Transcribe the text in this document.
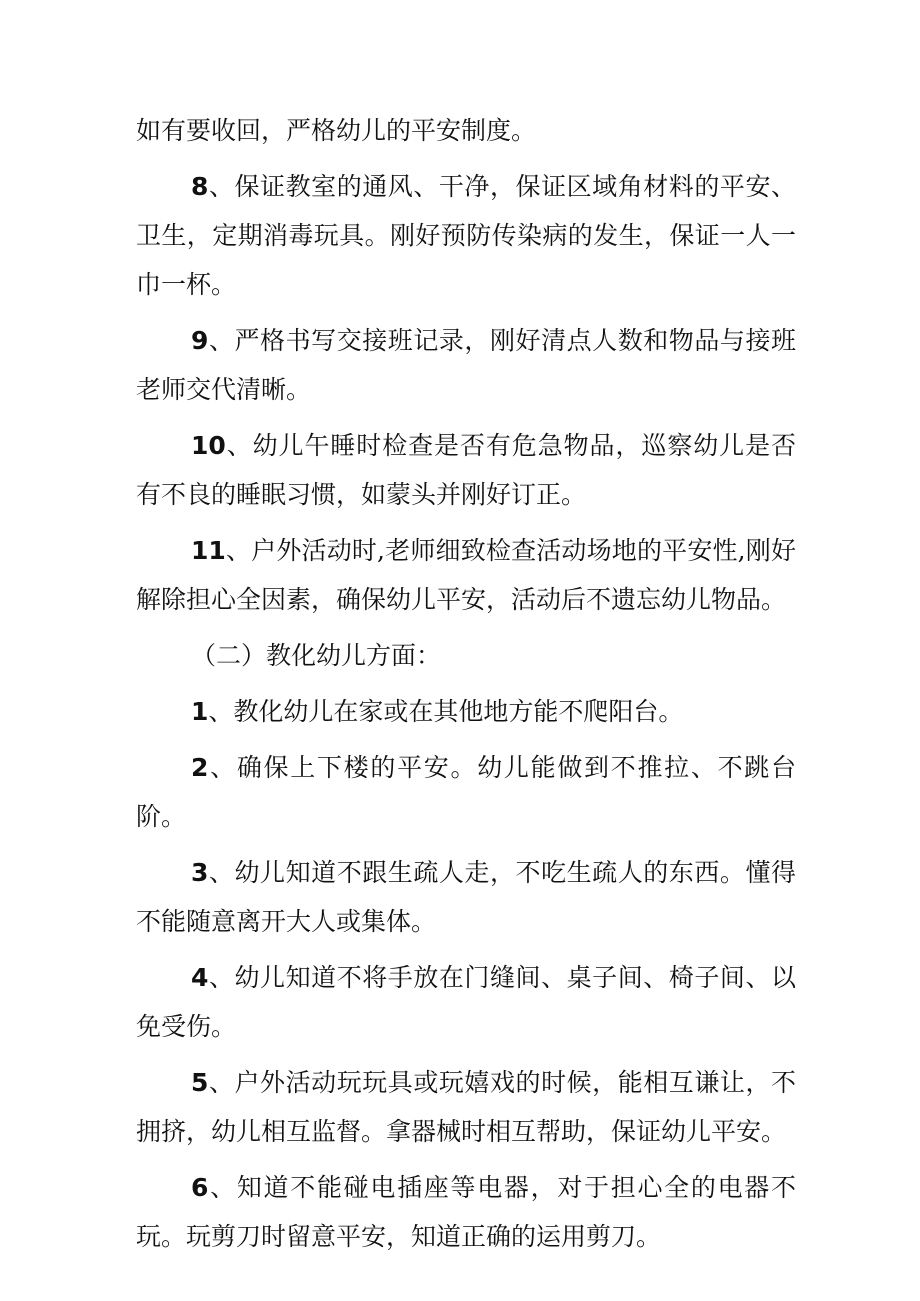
如有要收回，严格幼儿的平安制度。

8、保证教室的通风、干净，保证区域角材料的平安、卫生，定期消毒玩具。刚好预防传染病的发生，保证一人一巾一杯。

9、严格书写交接班记录，刚好清点人数和物品与接班老师交代清晰。

10、幼儿午睡时检查是否有危急物品，巡察幼儿是否有不良的睡眠习惯，如蒙头并刚好订正。

11、户外活动时,老师细致检查活动场地的平安性,刚好解除担心全因素，确保幼儿平安，活动后不遗忘幼儿物品。

（二）教化幼儿方面：

1、教化幼儿在家或在其他地方能不爬阳台。

2、确保上下楼的平安。幼儿能做到不推拉、不跳台阶。

3、幼儿知道不跟生疏人走，不吃生疏人的东西。懂得不能随意离开大人或集体。

4、幼儿知道不将手放在门缝间、桌子间、椅子间、以免受伤。

5、户外活动玩玩具或玩嬉戏的时候，能相互谦让，不拥挤，幼儿相互监督。拿器械时相互帮助，保证幼儿平安。

6、知道不能碰电插座等电器，对于担心全的电器不玩。玩剪刀时留意平安，知道正确的运用剪刀。
